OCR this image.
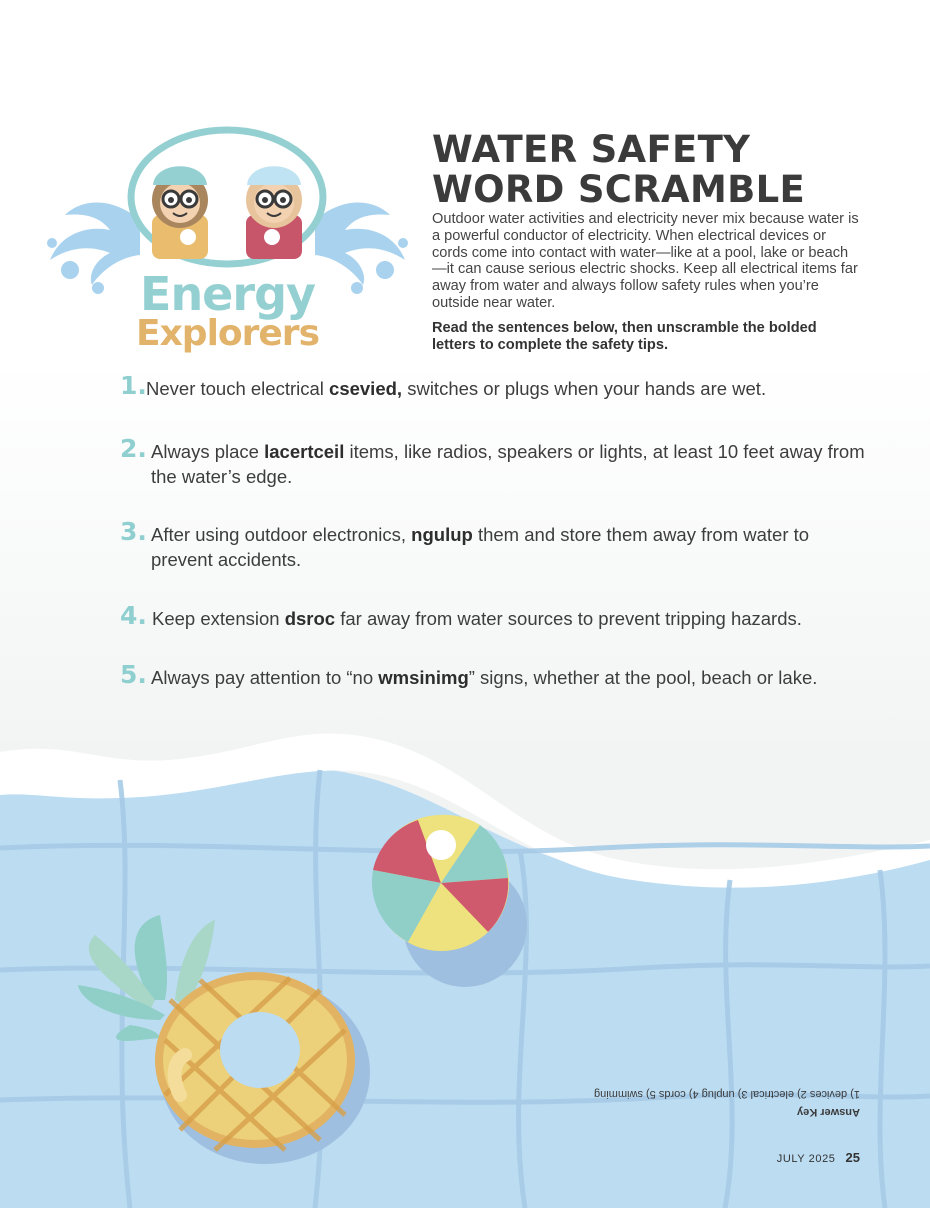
Energy
Explorers
WATER SAFETY
WORD SCRAMBLE

Outdoor water activities and electricity never mix because water is a powerful conductor of electricity. When electrical devices or cords come into contact with water—like at a pool, lake or beach—it can cause serious electric shocks. Keep all electrical items far away from water and always follow safety rules when you’re outside near water.

Read the sentences below, then unscramble the bolded letters to complete the safety tips.

1. Never touch electrical csevied, switches or plugs when your hands are wet.
2. Always place lacertceil items, like radios, speakers or lights, at least 10 feet away from the water’s edge.
3. After using outdoor electronics, ngulup them and store them away from water to prevent accidents.
4. Keep extension dsroc far away from water sources to prevent tripping hazards.
5. Always pay attention to “no wmsinimg” signs, whether at the pool, beach or lake.
Answer Key
1) devices 2) electrical 3) unplug 4) cords 5) swimming
JULY 2025 25
